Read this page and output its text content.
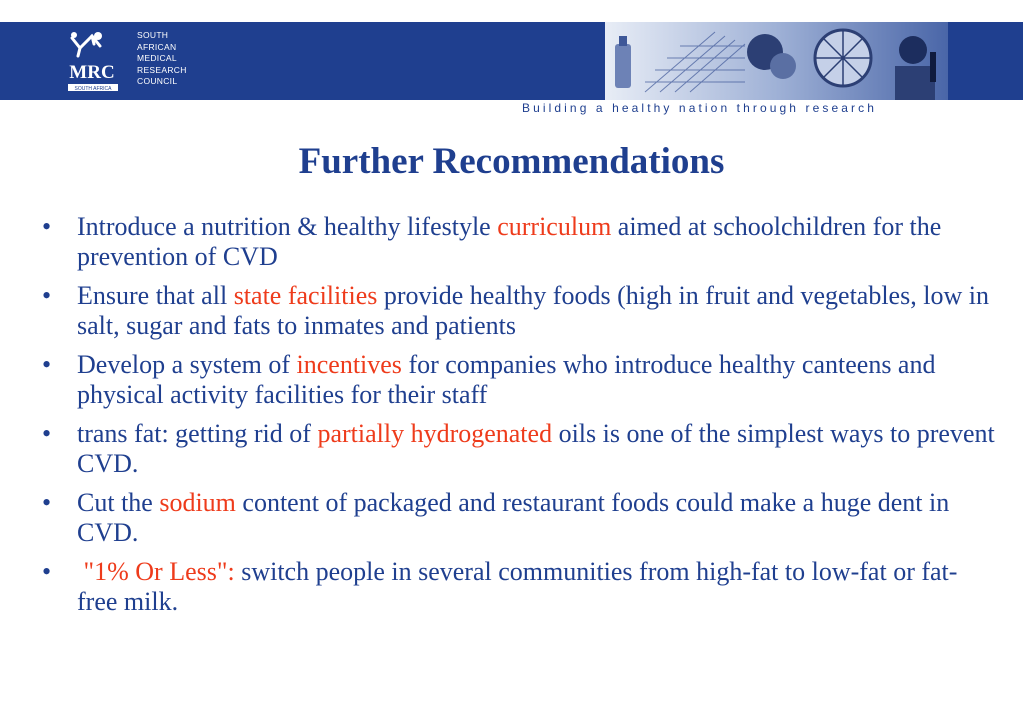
MRC
SOUTH AFRICA
SOUTH
AFRICAN
MEDICAL
RESEARCH
COUNCIL
Building a healthy nation through research
Further Recommendations
• Introduce a nutrition & healthy lifestyle curriculum aimed at schoolchildren for the prevention of CVD
• Ensure that all state facilities provide healthy foods (high in fruit and vegetables, low in salt, sugar and fats to inmates and patients
• Develop a system of incentives for companies who introduce healthy canteens and physical activity facilities for their staff
• trans fat: getting rid of partially hydrogenated oils is one of the simplest ways to prevent CVD.
• Cut the sodium content of packaged and restaurant foods could make a huge dent in CVD.
• "1% Or Less": switch people in several communities from high-fat to low-fat or fat-free milk.
